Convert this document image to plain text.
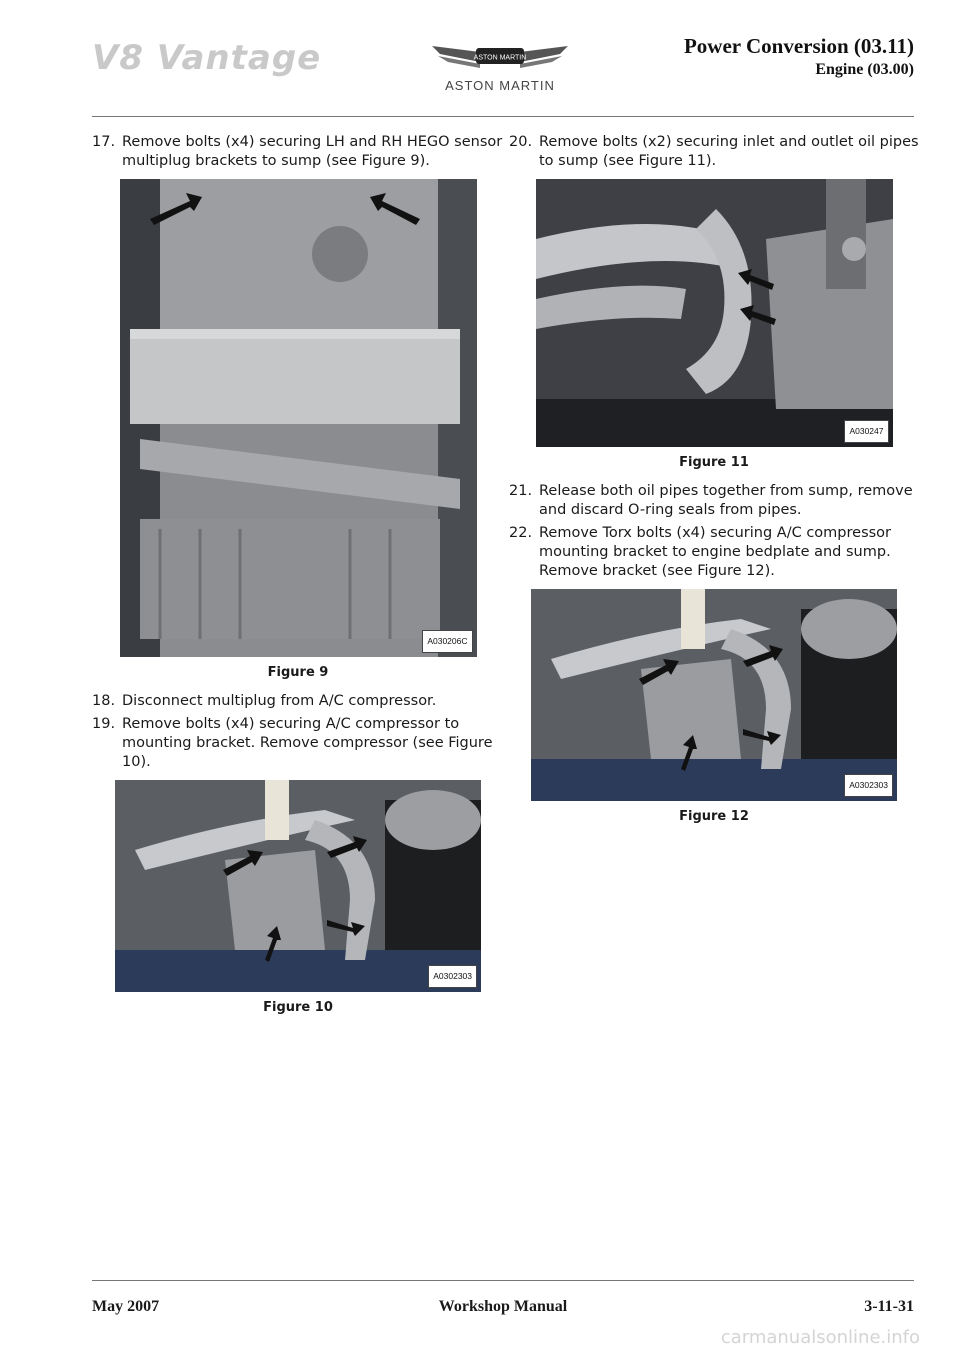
V8 Vantage	ASTON MARTIN
ASTON MARTIN
Power Conversion (03.11)
Engine (03.00)
17. Remove bolts (x4) securing LH and RH HEGO sensor multiplug brackets to sump (see Figure 9).
A030206C
Figure 9
18. Disconnect multiplug from A/C compressor.
19. Remove bolts (x4) securing A/C compressor to mounting bracket. Remove compressor (see Figure 10).
A0302303
Figure 10
20. Remove bolts (x2) securing inlet and outlet oil pipes to sump (see Figure 11).
A030247
Figure 11
21. Release both oil pipes together from sump, remove and discard O-ring seals from pipes.
22. Remove Torx bolts (x4) securing A/C compressor mounting bracket to engine bedplate and sump. Remove bracket (see Figure 12).
A0302303
Figure 12
May 2007	Workshop Manual	3-11-31
carmanualsonline.info
